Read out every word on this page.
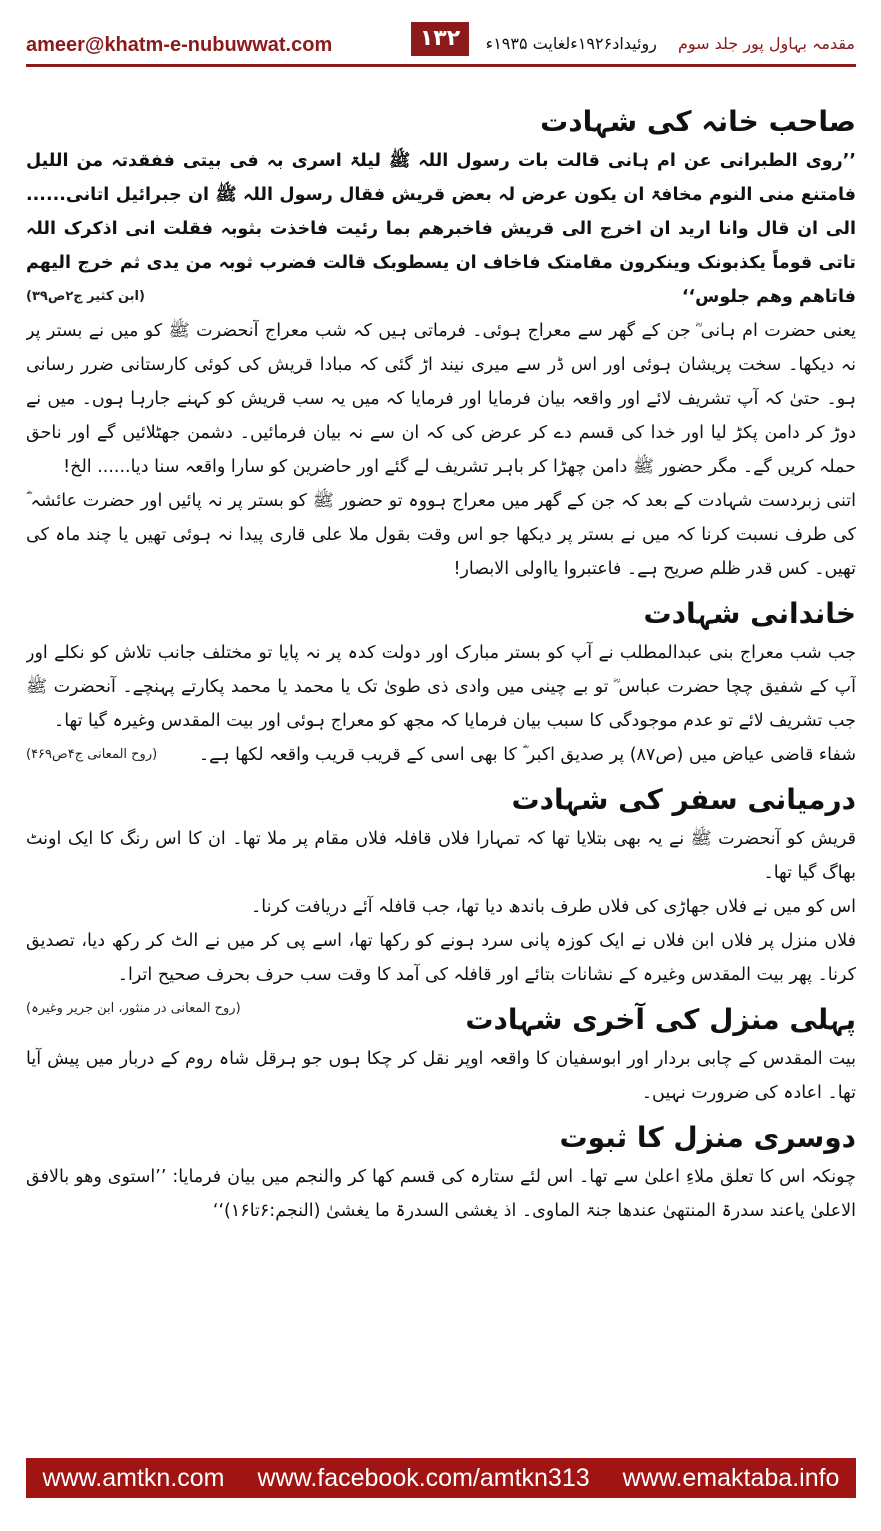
ameer@khatm-e-nubuwwat.com	۱۳۲	مقدمہ بہاول پور جلد سوم روئیداد۱۹۲۶ءلغایت ۱۹۳۵ء
صاحب خانہ کی شہادت

’’روی الطبرانی عن ام ہانی قالت بات رسول اللہ ﷺ لیلۃ اسری بہ فی بیتی ففقدتہ من اللیل فامتنع منی النوم مخافۃ ان یکون عرض لہ بعض قریش فقال رسول اللہ ﷺ ان جبرائیل اتانی...... الی ان قال وانا ارید ان اخرج الی قریش فاخبرھم بما رئیت فاخذت بثوبہ فقلت انی اذکرک اللہ تاتی قوماً یکذبونک وینکرون مقامتک فاخاف ان یسطوبک قالت فضرب ثوبہ من یدی ثم خرج الیھم فاتاھم وھم جلوس‘‘
(ابن کثیر ج۲ص۳۹)

یعنی حضرت ام ہانی ؓ جن کے گھر سے معراج ہوئی۔ فرماتی ہیں کہ شب معراج آنحضرت ﷺ کو میں نے بستر پر نہ دیکھا۔ سخت پریشان ہوئی اور اس ڈر سے میری نیند اڑ گئی کہ مبادا قریش کی کوئی کارستانی ضرر رسانی ہو۔ حتیٰ کہ آپ تشریف لائے اور واقعہ بیان فرمایا اور فرمایا کہ میں یہ سب قریش کو کہنے جارہا ہوں۔ میں نے دوڑ کر دامن پکڑ لیا اور خدا کی قسم دے کر عرض کی کہ ان سے نہ بیان فرمائیں۔ دشمن جھٹلائیں گے اور ناحق حملہ کریں گے۔ مگر حضور ﷺ دامن چھڑا کر باہر تشریف لے گئے اور حاضرین کو سارا واقعہ سنا دیا...... الخ!

اتنی زبردست شہادت کے بعد کہ جن کے گھر میں معراج ہووہ تو حضور ﷺ کو بستر پر نہ پائیں اور حضرت عائشہ ؓ کی طرف نسبت کرنا کہ میں نے بستر پر دیکھا جو اس وقت بقول ملا علی قاری پیدا نہ ہوئی تھیں یا چند ماہ کی تھیں۔ کس قدر ظلم صریح ہے۔ فاعتبروا یااولی الابصار!

خاندانی شہادت

جب شب معراج بنی عبدالمطلب نے آپ کو بستر مبارک اور دولت کدہ پر نہ پایا تو مختلف جانب تلاش کو نکلے اور آپ کے شفیق چچا حضرت عباس ؓ تو بے چینی میں وادی ذی طویٰ تک یا محمد یا محمد پکارتے پہنچے۔ آنحضرت ﷺ جب تشریف لائے تو عدم موجودگی کا سبب بیان فرمایا کہ مجھ کو معراج ہوئی اور بیت المقدس وغیرہ گیا تھا۔
(روح المعانی ج۴ص۴۶۹)	شفاء قاضی عیاض میں (ص۸۷) پر صدیق اکبر ؓ کا بھی اسی کے قریب قریب واقعہ لکھا ہے۔

درمیانی سفر کی شہادت

قریش کو آنحضرت ﷺ نے یہ بھی بتلایا تھا کہ تمہارا فلاں قافلہ فلاں مقام پر ملا تھا۔ ان کا اس رنگ کا ایک اونٹ بھاگ گیا تھا۔

اس کو میں نے فلاں جھاڑی کی فلاں طرف باندھ دیا تھا، جب قافلہ آئے دریافت کرنا۔

فلاں منزل پر فلاں ابن فلاں نے ایک کوزہ پانی سرد ہونے کو رکھا تھا، اسے پی کر میں نے الٹ کر رکھ دیا، تصدیق کرنا۔ پھر بیت المقدس وغیرہ کے نشانات بتائے اور قافلہ کی آمد کا وقت سب حرف بحرف صحیح اترا۔
(روح المعانی در منثور، ابن جریر وغیرہ)	پہلی منزل کی آخری شہادت

بیت المقدس کے چابی بردار اور ابوسفیان کا واقعہ اوپر نقل کر چکا ہوں جو ہرقل شاہ روم کے دربار میں پیش آیا تھا۔ اعادہ کی ضرورت نہیں۔

دوسری منزل کا ثبوت

چونکہ اس کا تعلق ملاءِ اعلیٰ سے تھا۔ اس لئے ستارہ کی قسم کھا کر والنجم میں بیان فرمایا: ’’استوی وھو بالافق الاعلیٰ یاعند سدرۃ المنتھیٰ عندھا جنۃ الماوی۔ اذ یغشی السدرۃ ما یغشیٰ (النجم:۶تا۱۶)‘‘

www.amtkn.com www.facebook.com/amtkn313 www.emaktaba.info
